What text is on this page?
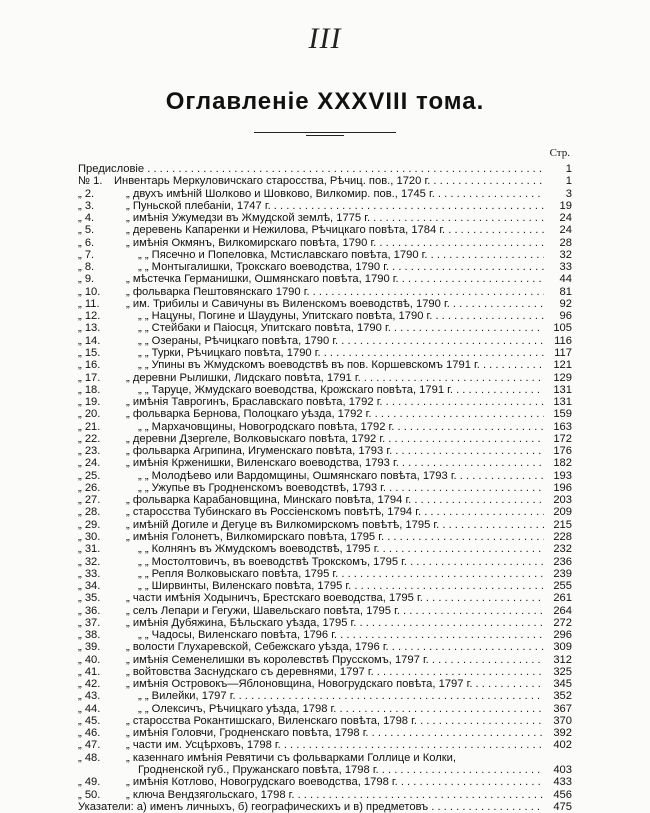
III
Оглавленіе XXXVIII тома.
Стр.
Предисловіе . . .	1
№ 1.	Инвентарь Меркуловичскаго старосства, Рѣчиц. пов., 1720 г. . . .	1
„ 2.	„ двухъ имѣній Шолково и Шовково, Вилкомир. пов., 1745 г. . . .	3
„ 3.	„ Пуньской плебаніи, 1747 г. . . .	19
„ 4.	„ имѣнія Ужумедзи въ Жмудской землѣ, 1775 г. . . .	24
„ 5.	„ деревень Капаренки и Нежилова, Рѣчицкаго повѣта, 1784 г. . . .	24
„ 6.	„ имѣнія Окмянъ, Вилкомирскаго повѣта, 1790 г. . . .	28
„ 7.	„ „ Пясечно и Попеловка, Мстиславскаго повѣта, 1790 г. . . .	32
„ 8.	„ „ Монтыгалишки, Трокскаго воеводства, 1790 г. . . .	33
„ 9.	„ мѣстечка Германишки, Ошмянскаго повѣта, 1790 г. . . .	44
„ 10.	„ фольварка Пештовянскаго 1790 г. . . .	81
„ 11.	„ им. Трибилы и Савичуны въ Виленскомъ воеводствѣ, 1790 г. . . .	92
„ 12.	„ „ Нацуны, Погине и Шаудуны, Упитскаго повѣта, 1790 г. . . .	96
„ 13.	„ „ Стейбаки и Паіосця, Упитскаго повѣта, 1790 г. . . .	105
„ 14.	„ „ Озераны, Рѣчицкаго повѣта, 1790 г. . . .	116
„ 15.	„ „ Турки, Рѣчицкаго повѣта, 1790 г. . . .	117
„ 16.	„ „ Упины въ Жмудскомъ воеводствѣ въ пов. Коршевскомъ 1791 г. . . .	121
„ 17.	„ деревни Рылишки, Лидскаго повѣта, 1791 г. . . .	129
„ 18.	„ „ Таруце, Жмудскаго воеводства, Крожскаго повѣта, 1791 г. . . .	131
„ 19.	„ имѣнія Таврогинъ, Браславскаго повѣта, 1792 г. . . .	131
„ 20.	„ фольварка Бернова, Полоцкаго уѣзда, 1792 г. . . .	159
„ 21.	„ „ Мархачовщины, Новогродскаго повѣта, 1792 г. . . .	163
„ 22.	„ деревни Дзергеле, Волковыскаго повѣта, 1792 г. . . .	172
„ 23.	„ фольварка Агрипина, Игуменскаго повѣта, 1793 г. . . .	176
„ 24.	„ имѣнія Крженишки, Виленскаго воеводства, 1793 г. . . .	182
„ 25.	„ „ Молодѣево или Вардомщины, Ошмянскаго повѣта, 1793 г. . . .	193
„ 26.	„ „ Ужупье въ Гродненскомъ воеводствѣ, 1793 г. . . .	196
„ 27.	„ фольварка Карабановщина, Минскаго повѣта, 1794 г. . . .	203
„ 28.	„ старосства Тубинскаго въ Россіенскомъ повѣтѣ, 1794 г. . . .	209
„ 29.	„ имѣній Догиле и Дегуце въ Вилкомирскомъ повѣтѣ, 1795 г. . . .	215
„ 30.	„ имѣнія Голонетъ, Вилкомирскаго повѣта, 1795 г. . . .	228
„ 31.	„ „ Колнянъ въ Жмудскомъ воеводствѣ, 1795 г. . . .	232
„ 32.	„ „ Мостолтовичъ, въ воеводствѣ Трокскомъ, 1795 г. . . .	236
„ 33.	„ „ Репля Волковыскаго повѣта, 1795 г. . . .	239
„ 34.	„ „ Ширвинты, Виленскаго повѣта, 1795 г. . . .	255
„ 35.	„ части имѣнія Ходыничъ, Брестскаго воеводства, 1795 г. . . .	261
„ 36.	„ селъ Лепари и Гегужи, Шавельскаго повѣта, 1795 г. . . .	264
„ 37.	„ имѣнія Дубяжина, Бѣльскаго уѣзда, 1795 г. . . .	272
„ 38.	„ „ Чадосы, Виленскаго повѣта, 1796 г. . . .	296
„ 39.	„ волости Глухаревской, Себежскаго уѣзда, 1796 г. . . .	309
„ 40.	„ имѣнія Семенелишки въ королевствѣ Прусскомъ, 1797 г. . . .	312
„ 41.	„ войтовства Заснудскаго съ деревнями, 1797 г. . . .	325
„ 42.	„ имѣнія Островокъ—Яблоновщина, Новогрудскаго повѣта, 1797 г. . . .	345
„ 43.	„ „ Вилейки, 1797 г. . . .	352
„ 44.	„ „ Олексичъ, Рѣчицкаго уѣзда, 1798 г. . . .	367
„ 45.	„ старосства Рокантишскаго, Виленскаго повѣта, 1798 г. . . .	370
„ 46.	„ имѣнія Головчи, Гродненскаго повѣта, 1798 г. . . .	392
„ 47.	„ части им. Усцѣрховъ, 1798 г. . . .	402
„ 48.	„ казеннаго имѣнія Ревятичи съ фольварками Голлице и Колки,
Гродненской губ., Пружанскаго повѣта, 1798 г. . . .	403
„ 49.	„ имѣнія Котлово, Новогрудскаго воеводства, 1798 г. . . .	433
„ 50.	„ ключа Вендзягольскаго, 1798 г. . . .	456
Указатели: а) именъ личныхъ, б) географическихъ и в) предметовъ . . .	475
